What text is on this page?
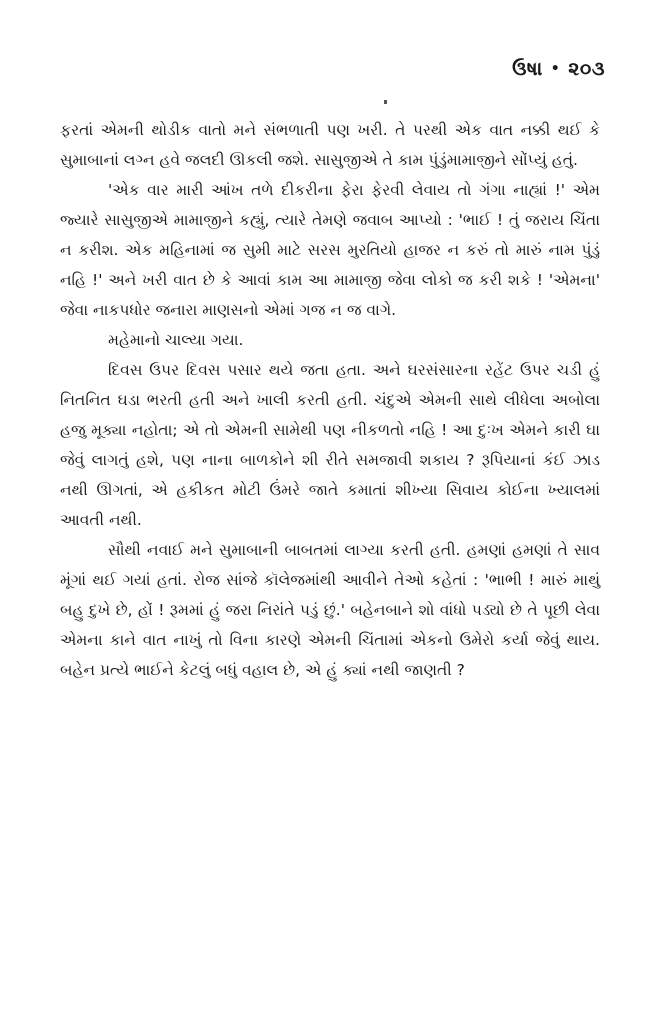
ઉષા • ૨૦૩

ફરતાં એમની થોડીક વાતો મને સંભળાતી પણ ખરી. તે પરથી એક વાત નક્કી થઈ કે સુમાબાનાં લગ્ન હવે જલદી ઊકલી જશે. સાસુજીએ તે કામ પુંડુંમામાજીને સોંપ્યું હતું.

'એક વાર મારી આંખ તળે દીકરીના ફેરા ફેરવી લેવાય તો ગંગા નાહ્યાં !' એમ જ્યારે સાસુજીએ મામાજીને કહ્યું, ત્યારે તેમણે જવાબ આપ્યો : 'ભાઈ ! તું જરાય ચિંતા ન કરીશ. એક મહિનામાં જ સુમી માટે સરસ મુરતિયો હાજર ન કરું તો મારું નામ પુંડું નહિ !' અને ખરી વાત છે કે આવાં કામ આ મામાજી જેવા લોકો જ કરી શકે ! 'એમના' જેવા નાકપધોર જનારા માણસનો એમાં ગજ ન જ વાગે.

મહેમાનો ચાલ્યા ગયા.

દિવસ ઉપર દિવસ પસાર થયે જતા હતા. અને ઘરસંસારના રહેંટ ઉપર ચડી હું નિતનિત ઘડા ભરતી હતી અને ખાલી કરતી હતી. ચંદુએ એમની સાથે લીધેલા અબોલા હજુ મૂક્યા નહોતા; એ તો એમની સામેથી પણ નીકળતો નહિ ! આ દુઃખ એમને કારી ઘા જેવું લાગતું હશે, પણ નાના બાળકોને શી રીતે સમજાવી શકાય ? રૂપિયાનાં કંઈ ઝાડ નથી ઊગતાં, એ હકીકત મોટી ઉંમરે જાતે કમાતાં શીખ્યા સિવાય કોઈના ખ્યાલમાં આવતી નથી.

સૌથી નવાઈ મને સુમાબાની બાબતમાં લાગ્યા કરતી હતી. હમણાં હમણાં તે સાવ મૂંગાં થઈ ગયાં હતાં. રોજ સાંજે કૉલેજમાંથી આવીને તેઓ કહેતાં : 'ભાભી ! મારું માથું બહુ દુખે છે, હોં ! રૂમમાં હું જરા નિરાંતે પડું છું.' બહેનબાને શો વાંધો પડ્યો છે તે પૂછી લેવા એમના કાને વાત નાખું તો વિના કારણે એમની ચિંતામાં એકનો ઉમેરો કર્યા જેવું થાય. બહેન પ્રત્યે ભાઈને કેટલું બધું વહાલ છે, એ હું ક્યાં નથી જાણતી ?
